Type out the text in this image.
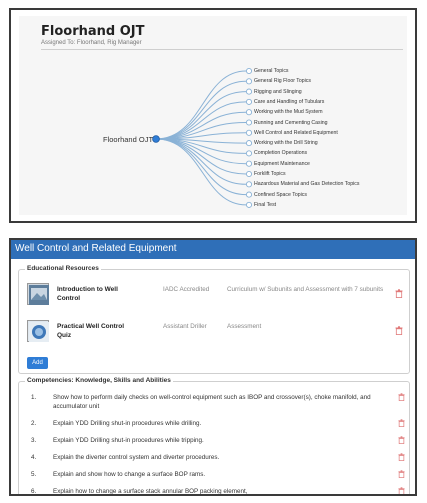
Floorhand OJT
Assigned To: Floorhand, Rig Manager
Floorhand OJT
General Topics
General Rig Floor Topics
Rigging and Slinging
Care and Handling of Tubulars
Working with the Mud System
Running and Cementing Casing
Well Control and Related Equipment
Working with the Drill String
Completion Operations
Equipment Maintenance
Forklift Topics
Hazardous Material and Gas Detection Topics
Confined Space Topics
Final Test
Well Control and Related Equipment
Educational Resources
Introduction to Well Control
IADC Accredited	Curriculum w/ Subunits and Assessment with 7 subunits
Practical Well Control Quiz
Assistant Driller	Assessment
Add
Competencies: Knowledge, Skills and Abilities
1.	Show how to perform daily checks on well-control equipment such as IBOP and crossover(s), choke manifold, and accumulator unit
2.	Explain YDD Drilling shut-in procedures while drilling.
3.	Explain YDD Drilling shut-in procedures while tripping.
4.	Explain the diverter control system and diverter procedures.
5.	Explain and show how to change a surface BOP rams.
6.	Explain how to change a surface stack annular BOP packing element,
